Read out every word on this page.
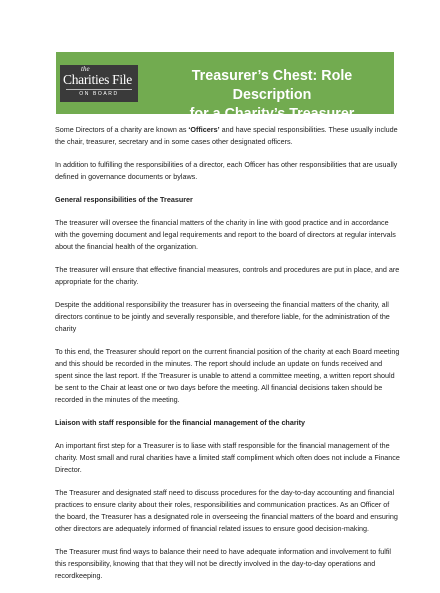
the
Charities File
ON BOARD
Treasurer’s Chest: Role Description
for a Charity’s Treasurer

Some Directors of a charity are known as ‘Officers’ and have special responsibilities. These usually include the chair, treasurer, secretary and in some cases other designated officers.

In addition to fulfilling the responsibilities of a director, each Officer has other responsibilities that are usually defined in governance documents or bylaws.

General responsibilities of the Treasurer

The treasurer will oversee the financial matters of the charity in line with good practice and in accordance with the governing document and legal requirements and report to the board of directors at regular intervals about the financial health of the organization.

The treasurer will ensure that effective financial measures, controls and procedures are put in place, and are appropriate for the charity.

Despite the additional responsibility the treasurer has in overseeing the financial matters of the charity, all directors continue to be jointly and severally responsible, and therefore liable, for the administration of the charity

To this end, the Treasurer should report on the current financial position of the charity at each Board meeting and this should be recorded in the minutes. The report should include an update on funds received and spent since the last report. If the Treasurer is unable to attend a committee meeting, a written report should be sent to the Chair at least one or two days before the meeting. All financial decisions taken should be recorded in the minutes of the meeting.

Liaison with staff responsible for the financial management of the charity

An important first step for a Treasurer is to liase with staff responsible for the financial management of the charity. Most small and rural charities have a limited staff compliment which often does not include a Finance Director.

The Treasurer and designated staff need to discuss procedures for the day-to-day accounting and financial practices to ensure clarity about their roles, responsibilities and communication practices. As an Officer of the board, the Treasurer has a designated role in overseeing the financial matters of the board and ensuring other directors are adequately informed of financial related issues to ensure good decision-making.

The Treasurer must find ways to balance their need to have adequate information and involvement to fulfil this responsibility, knowing that that they will not be directly involved in the day-to-day operations and recordkeeping.
